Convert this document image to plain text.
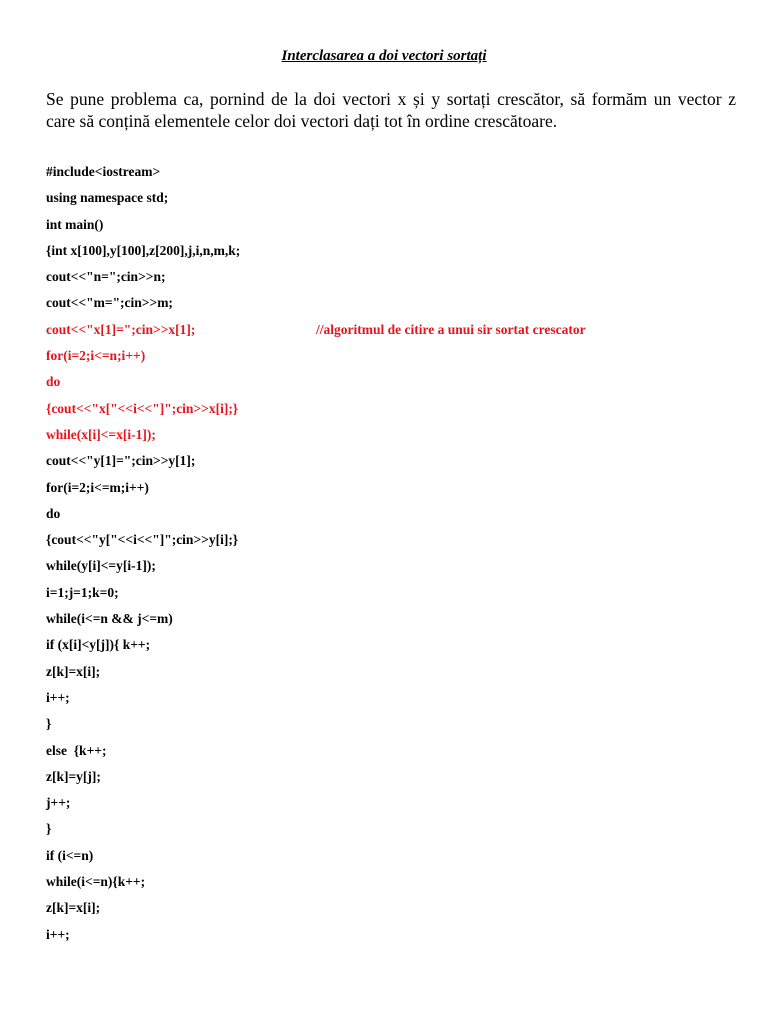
Interclasarea a doi vectori sortați
Se pune problema ca, pornind de la doi vectori x și y sortați crescător, să formăm un vector z
care să conțină elementele celor doi vectori dați tot în ordine crescătoare.
#include<iostream>
using namespace std;
int main()
{int x[100],y[100],z[200],j,i,n,m,k;
cout<<"n=";cin>>n;
cout<<"m=";cin>>m;
cout<<"x[1]=";cin>>x[1];	//algoritmul de citire a unui sir sortat crescator
for(i=2;i<=n;i++)
do
{cout<<"x["<<i<<"]";cin>>x[i];}
while(x[i]<=x[i-1]);
cout<<"y[1]=";cin>>y[1];
for(i=2;i<=m;i++)
do
{cout<<"y["<<i<<"]";cin>>y[i];}
while(y[i]<=y[i-1]);
i=1;j=1;k=0;
while(i<=n && j<=m)
if (x[i]<y[j]){ k++;
z[k]=x[i];
i++;
}
else  {k++;
z[k]=y[j];
j++;
}
if (i<=n)
while(i<=n){k++;
z[k]=x[i];
i++;
